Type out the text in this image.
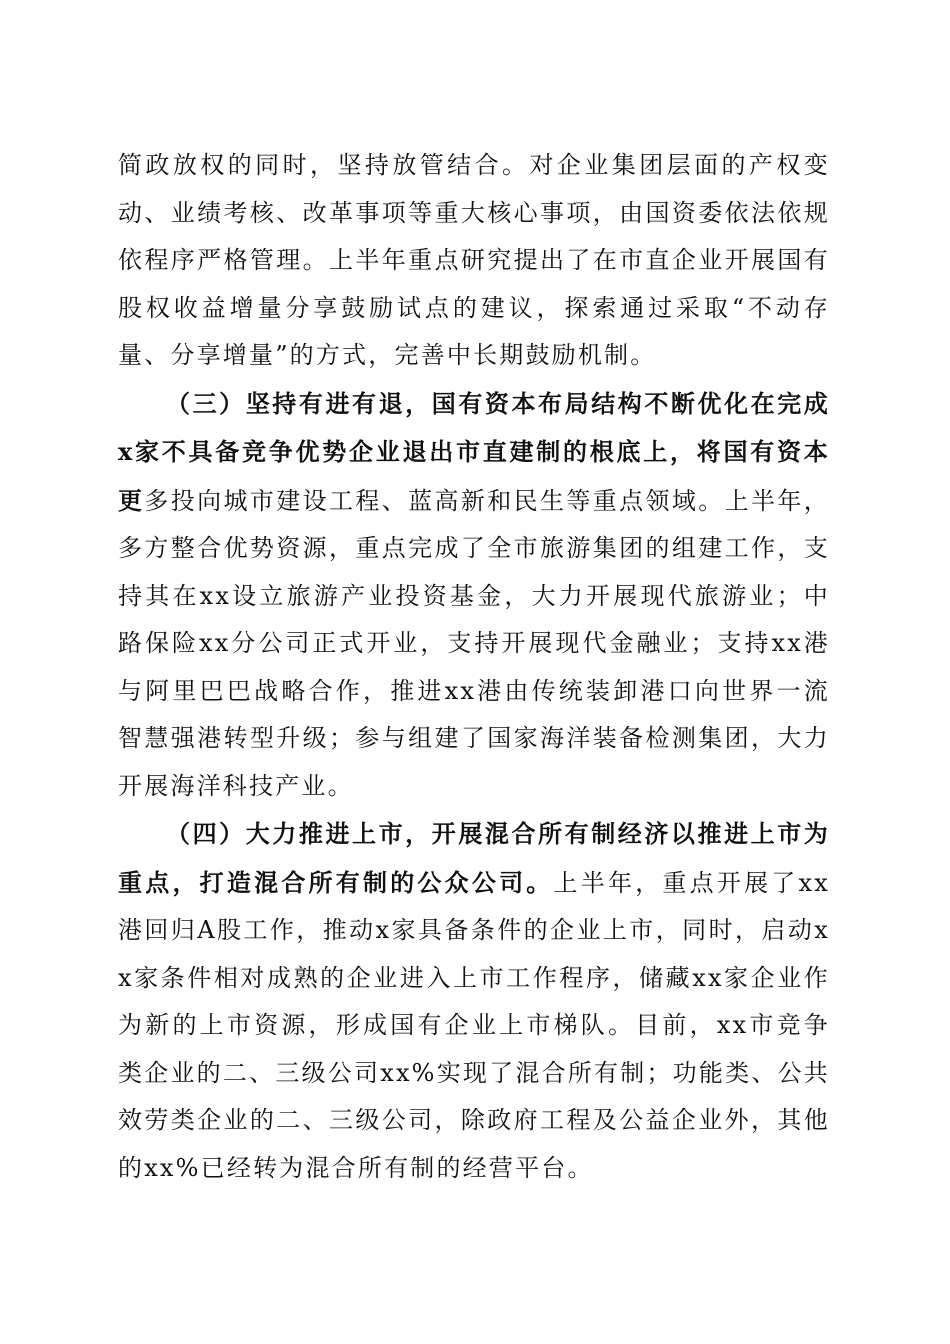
简政放权的同时，坚持放管结合。对企业集团层面的产权变动、业绩考核、改革事项等重大核心事项，由国资委依法依规依程序严格管理。上半年重点研究提出了在市直企业开展国有股权收益增量分享鼓励试点的建议，探索通过采取“不动存量、分享增量”的方式，完善中长期鼓励机制。

（三）坚持有进有退，国有资本布局结构不断优化在完成x家不具备竞争优势企业退出市直建制的根底上，将国有资本更多投向城市建设工程、蓝高新和民生等重点领域。上半年，多方整合优势资源，重点完成了全市旅游集团的组建工作，支持其在xx设立旅游产业投资基金，大力开展现代旅游业；中路保险xx分公司正式开业，支持开展现代金融业；支持xx港与阿里巴巴战略合作，推进xx港由传统装卸港口向世界一流智慧强港转型升级；参与组建了国家海洋装备检测集团，大力开展海洋科技产业。

（四）大力推进上市，开展混合所有制经济以推进上市为重点，打造混合所有制的公众公司。上半年，重点开展了xx港回归A股工作，推动x家具备条件的企业上市，同时，启动xx家条件相对成熟的企业进入上市工作程序，储藏xx家企业作为新的上市资源，形成国有企业上市梯队。目前，xx市竞争类企业的二、三级公司xx%实现了混合所有制；功能类、公共效劳类企业的二、三级公司，除政府工程及公益企业外，其他的xx%已经转为混合所有制的经营平台。
